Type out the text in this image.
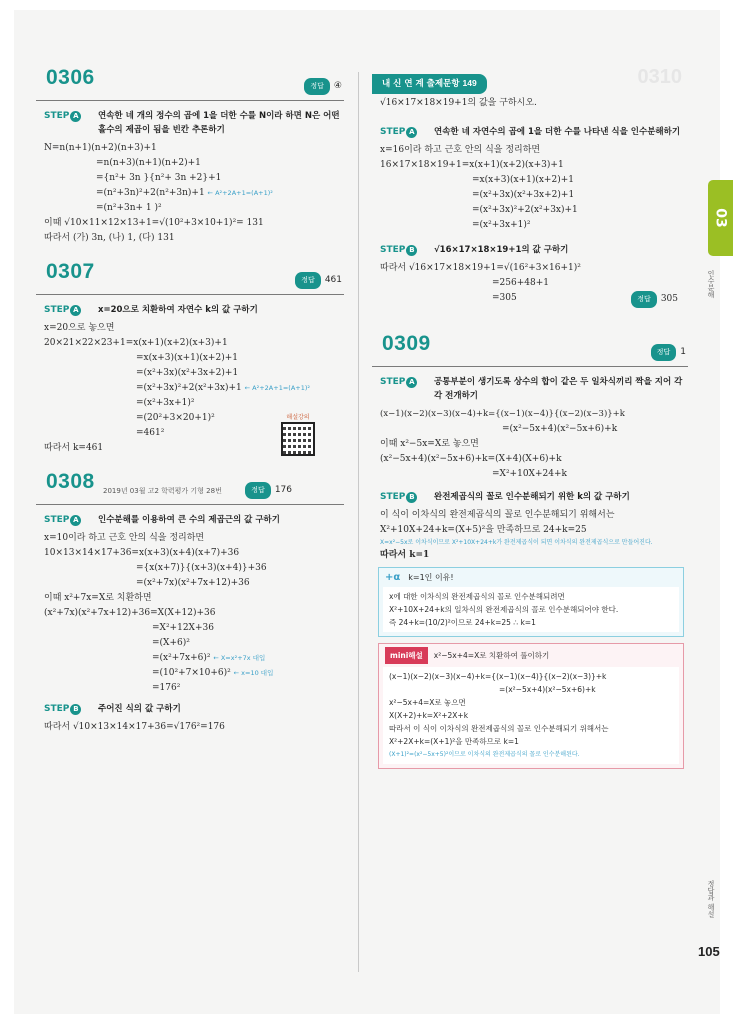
0306	정답 ④
STEP A	연속한 네 개의 정수의 곱에 1을 더한 수를 N이라 하면 N은 어떤 홀수의 제곱이 됨을 빈칸 추론하기
N=n(n+1)(n+2)(n+3)+1
=n(n+3)(n+1)(n+2)+1
={n²+ 3n }{n²+ 3n +2}+1
=(n²+3n)²+2(n²+3n)+1 ← A²+2A+1=(A+1)²
=(n²+3n+ 1 )²
이때 √10×11×12×13+1=√(10²+3×10+1)²= 131
따라서 (가) 3n, (나) 1, (다) 131
0307	정답 461
STEP A	x=20으로 치환하여 자연수 k의 값 구하기
x=20으로 놓으면
20×21×22×23+1=x(x+1)(x+2)(x+3)+1
=x(x+3)(x+1)(x+2)+1
=(x²+3x)(x²+3x+2)+1
=(x²+3x)²+2(x²+3x)+1 ← A²+2A+1=(A+1)²
=(x²+3x+1)²
=(20²+3×20+1)²
=461²
따라서 k=461
0308 2019년 03월 고2 학력평가 기형 28번	정답 176
STEP A	인수분해를 이용하여 큰 수의 제곱근의 값 구하기
x=10이라 하고 근호 안의 식을 정리하면
10×13×14×17+36=x(x+3)(x+4)(x+7)+36
={x(x+7)}{(x+3)(x+4)}+36
=(x²+7x)(x²+7x+12)+36
이때 x²+7x=X로 치환하면
(x²+7x)(x²+7x+12)+36=X(X+12)+36
=X²+12X+36
=(X+6)²
=(x²+7x+6)² ← X=x²+7x 대입
=(10²+7×10+6)² ← x=10 대입
=176²
STEP B	주어진 식의 값 구하기
따라서 √10×13×14×17+36=√176²=176
해설강의
내 신 연 계 출제문항 149	0310
√16×17×18×19+1의 값을 구하시오.
STEP A	연속한 네 자연수의 곱에 1을 더한 수를 나타낸 식을 인수분해하기
x=16이라 하고 근호 안의 식을 정리하면
16×17×18×19+1=x(x+1)(x+2)(x+3)+1
=x(x+3)(x+1)(x+2)+1
=(x²+3x)(x²+3x+2)+1
=(x²+3x)²+2(x²+3x)+1
=(x²+3x+1)²
STEP B	√16×17×18×19+1의 값 구하기
따라서 √16×17×18×19+1=√(16²+3×16+1)²
=256+48+1
=305	정답 305
0309	정답 1
STEP A	공통부분이 생기도록 상수의 합이 같은 두 일차식끼리 짝을 지어 각각 전개하기
(x−1)(x−2)(x−3)(x−4)+k={(x−1)(x−4)}{(x−2)(x−3)}+k
=(x²−5x+4)(x²−5x+6)+k
이때 x²−5x=X로 놓으면
(x²−5x+4)(x²−5x+6)+k=(X+4)(X+6)+k
=X²+10X+24+k
STEP B	완전제곱식의 꼴로 인수분해되기 위한 k의 값 구하기
이 식이 이차식의 완전제곱식의 꼴로 인수분해되기 위해서는
X²+10X+24+k=(X+5)²을 만족하므로 24+k=25
X=x²−5x로 이차식이므로 X²+10X+24+k가 완전제곱식이 되면 이차식의 완전제곱식으로 만들어진다.
따라서 k=1
+α k=1인 이유!
x에 대한 이차식의 완전제곱식의 꼴로 인수분해되려면
X²+10X+24+k의 일차식의 완전제곱식의 꼴로 인수분해되어야 한다.
즉 24+k=(10/2)²이므로 24+k=25 ∴ k=1
mini해설 x²−5x+4=X로 치환하여 풀이하기
(x−1)(x−2)(x−3)(x−4)+k={(x−1)(x−4)}{(x−2)(x−3)}+k
=(x²−5x+4)(x²−5x+6)+k
x²−5x+4=X로 놓으면
X(X+2)+k=X²+2X+k
따라서 이 식이 이차식의 완전제곱식의 꼴로 인수분해되기 위해서는
X²+2X+k=(X+1)²을 만족하므로 k=1
(X+1)²=(x²−5x+5)²이므로 이차식의 완전제곱식의 꼴로 인수분해된다.
03
인수분해
정답과 해설
105
